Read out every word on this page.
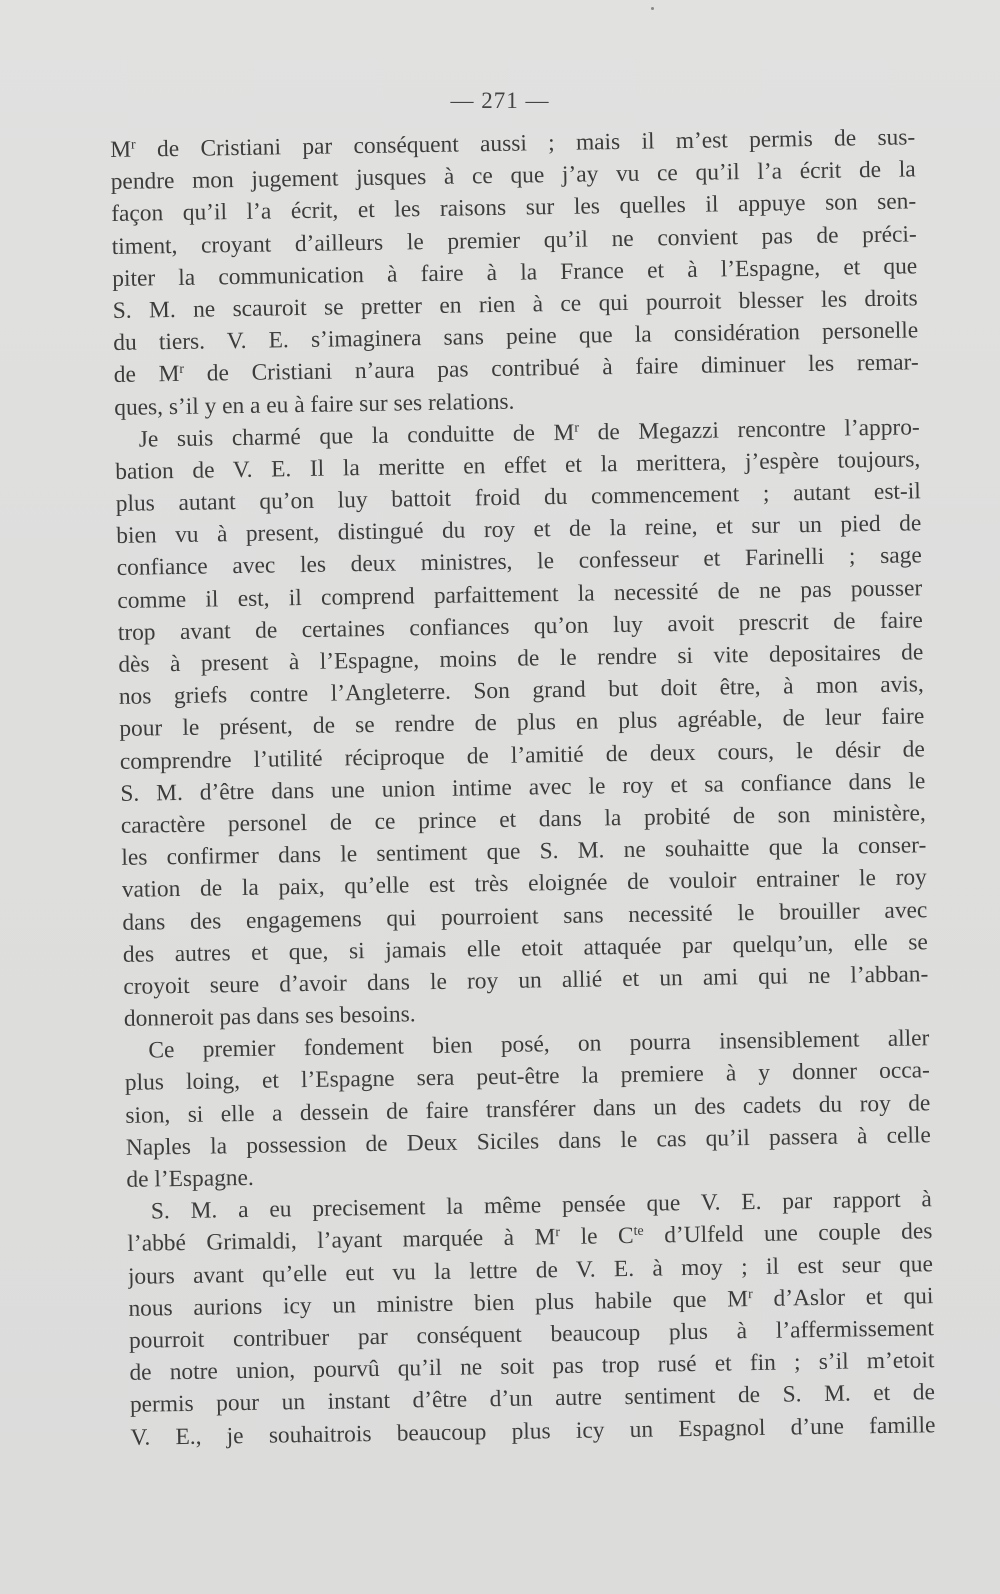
— 271 —
$M^r$ de Cristiani par conséquent aussi ; mais il m’est permis de sus-
pendre mon jugement jusques à ce que j’ay vu ce qu’il l’a écrit de la
façon qu’il l’a écrit, et les raisons sur les quelles il appuye son sen-
timent, croyant d’ailleurs le premier qu’il ne convient pas de préci-
piter la communication à faire à la France et à l’Espagne, et que
S. M. ne scauroit se pretter en rien à ce qui pourroit blesser les droits
du tiers. V. E. s’imaginera sans peine que la considération personelle
de $M^r$ de Cristiani n’aura pas contribué à faire diminuer les remar-
ques, s’il y en a eu à faire sur ses relations.
Je suis charmé que la conduitte de $M^r$ de Megazzi rencontre l’appro-
bation de V. E. Il la meritte en effet et la merittera, j’espère toujours,
plus autant qu’on luy battoit froid du commencement ; autant est-il
bien vu à present, distingué du roy et de la reine, et sur un pied de
confiance avec les deux ministres, le confesseur et Farinelli ; sage
comme il est, il comprend parfaittement la necessité de ne pas pousser
trop avant de certaines confiances qu’on luy avoit prescrit de faire
dès à present à l’Espagne, moins de le rendre si vite depositaires de
nos griefs contre l’Angleterre. Son grand but doit être, à mon avis,
pour le présent, de se rendre de plus en plus agréable, de leur faire
comprendre l’utilité réciproque de l’amitié de deux cours, le désir de
S. M. d’être dans une union intime avec le roy et sa confiance dans le
caractère personel de ce prince et dans la probité de son ministère,
les confirmer dans le sentiment que S. M. ne souhaitte que la conser-
vation de la paix, qu’elle est très eloignée de vouloir entrainer le roy
dans des engagemens qui pourroient sans necessité le brouiller avec
des autres et que, si jamais elle etoit attaquée par quelqu’un, elle se
croyoit seure d’avoir dans le roy un allié et un ami qui ne l’abban-
donneroit pas dans ses besoins.
Ce premier fondement bien posé, on pourra insensiblement aller
plus loing, et l’Espagne sera peut-être la premiere à y donner occa-
sion, si elle a dessein de faire transférer dans un des cadets du roy de
Naples la possession de Deux Siciles dans le cas qu’il passera à celle
de l’Espagne.
S. M. a eu precisement la même pensée que V. E. par rapport à
l’abbé Grimaldi, l’ayant marquée à $M^r$ le $C^{te}$ d’Ulfeld une couple des
jours avant qu’elle eut vu la lettre de V. E. à moy ; il est seur que
nous aurions icy un ministre bien plus habile que $M^r$ d’Aslor et qui
pourroit contribuer par conséquent beaucoup plus à l’affermissement
de notre union, pourvû qu’il ne soit pas trop rusé et fin ; s’il m’etoit
permis pour un instant d’être d’un autre sentiment de S. M. et de
V. E., je souhaitrois beaucoup plus icy un Espagnol d’une famille
